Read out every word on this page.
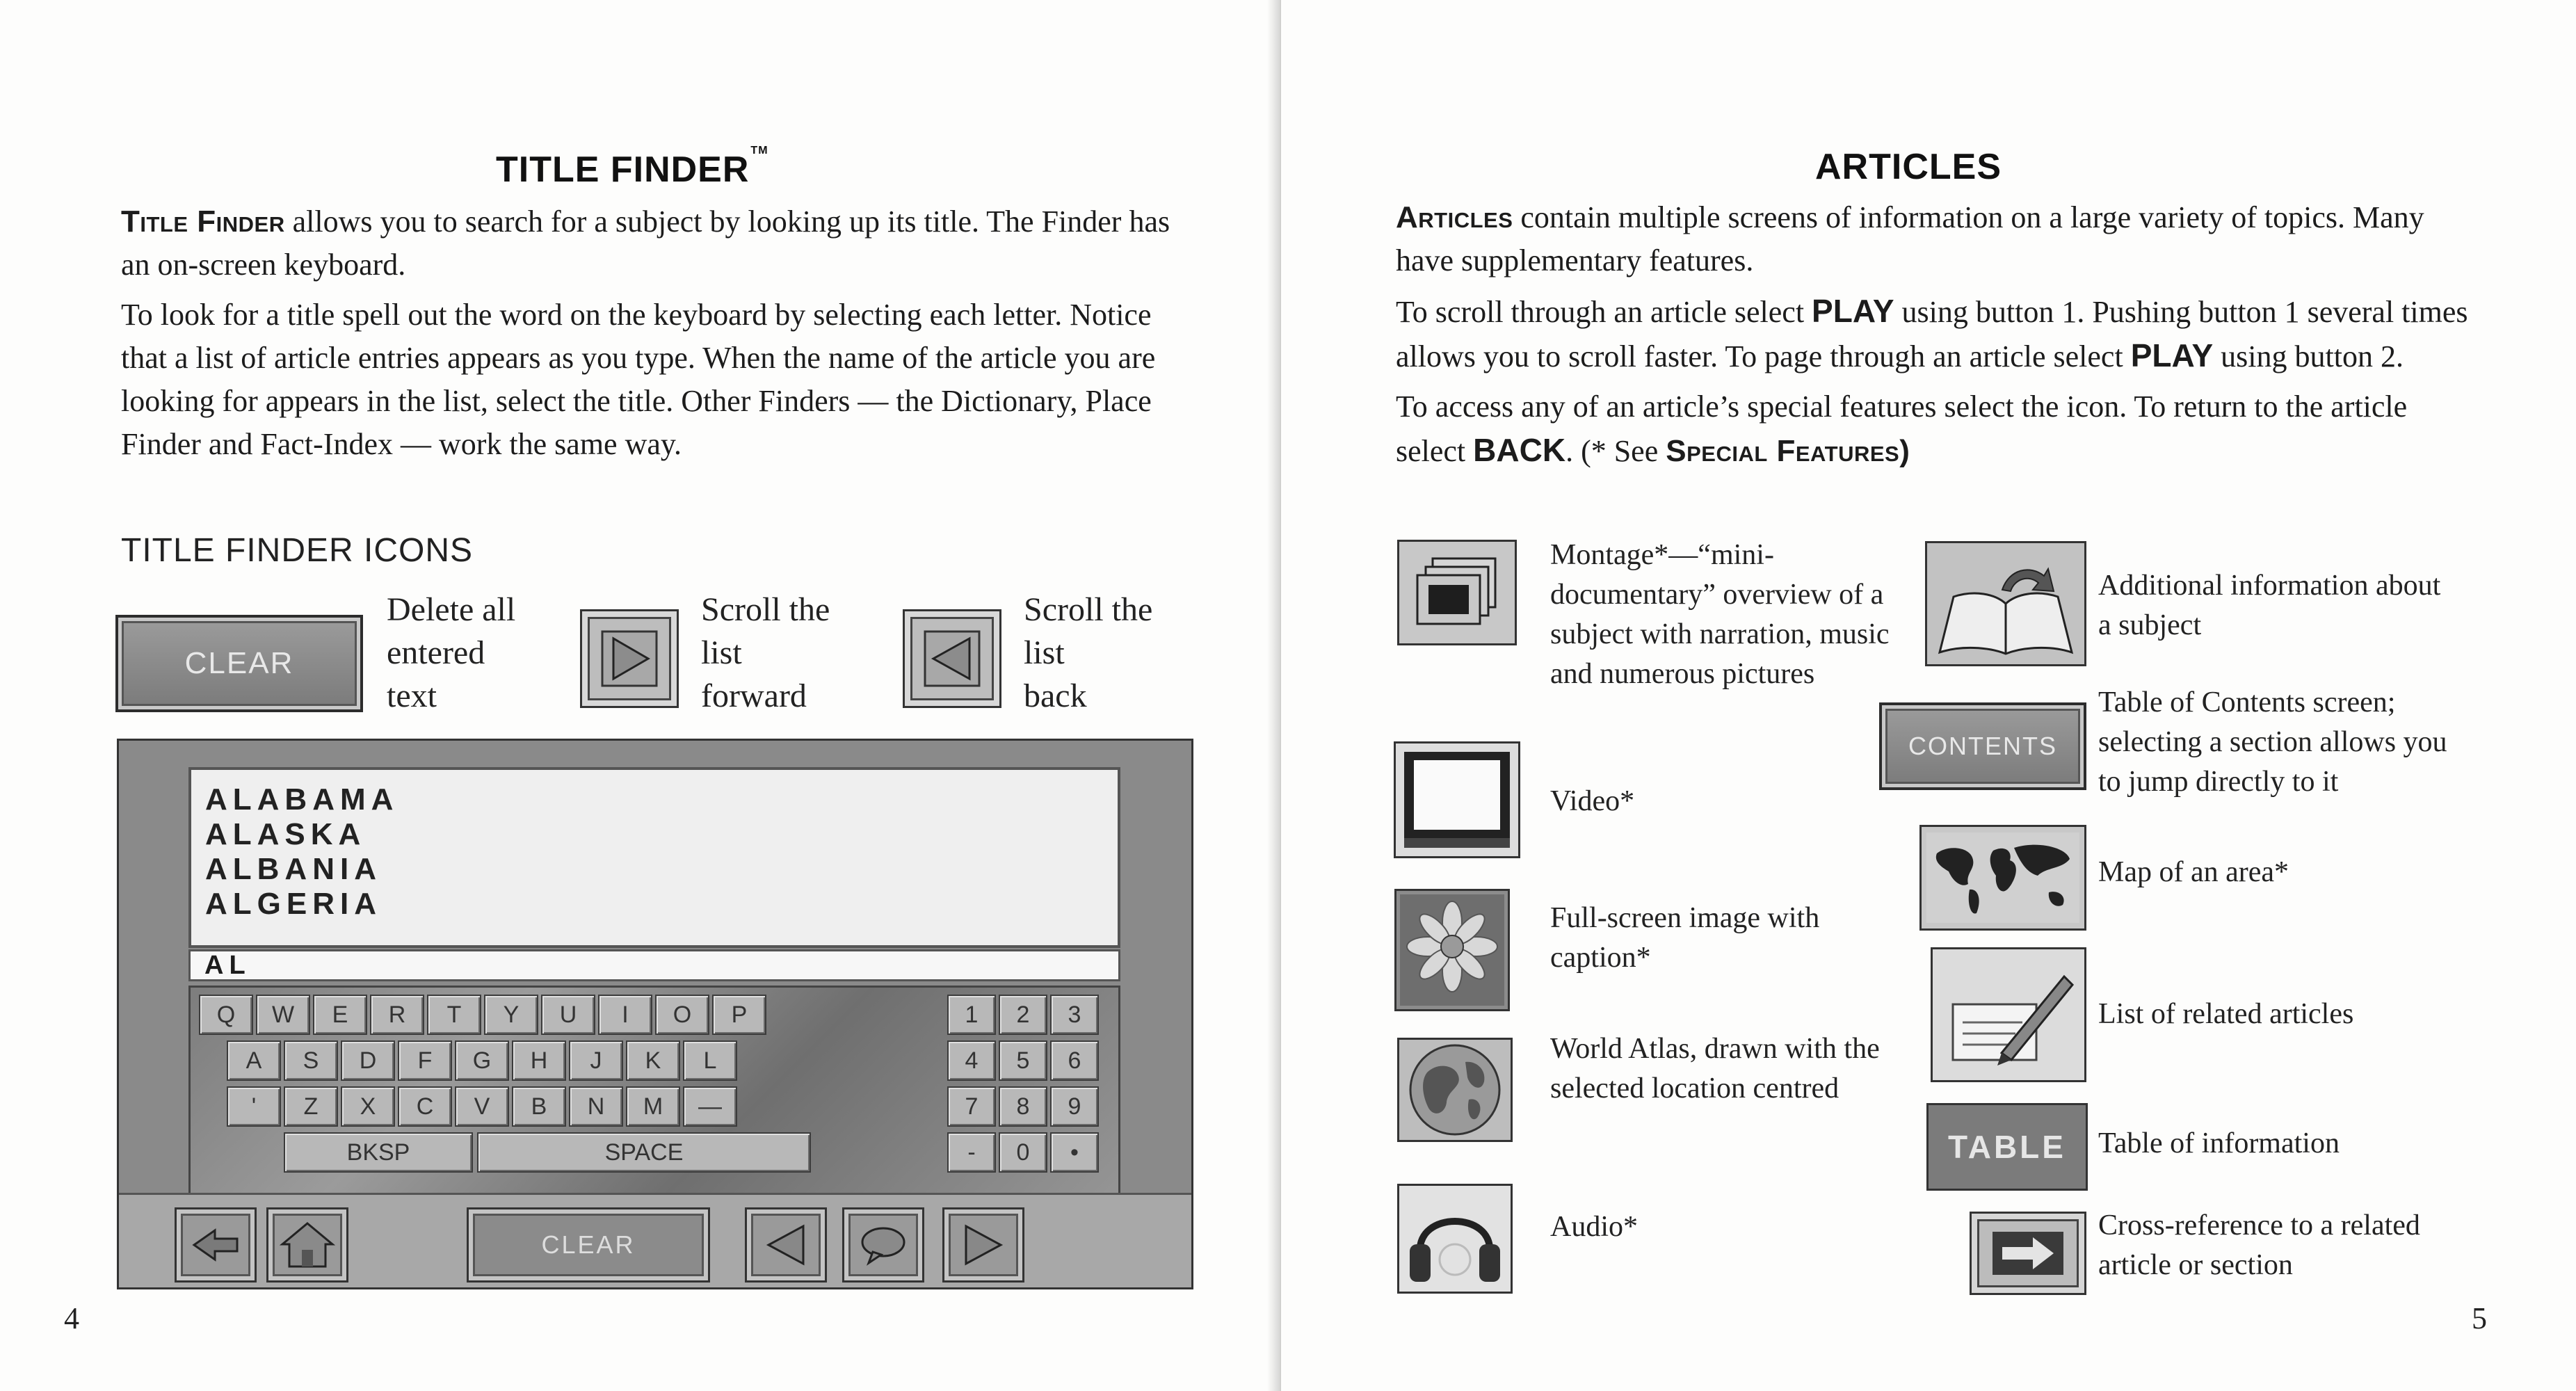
TITLE FINDER ™

Title Finder allows you to search for a subject by looking up its title. The Finder has an on-screen keyboard.

To look for a title spell out the word on the keyboard by selecting each letter. Notice that a list of article entries appears as you type. When the name of the article you are looking for appears in the list, select the title. Other Finders — the Dictionary, Place Finder and Fact-Index — work the same way.

TITLE FINDER ICONS
CLEAR
Delete all
entered
text
Scroll the
list
forward
Scroll the
list
back
ALABAMA
ALASKA
ALBANIA
ALGERIA
AL
Q	W	E	R	T	Y	U	I	O	P
A	S	D	F	G	H	J	K	L
'	Z	X	C	V	B	N	M	—
BKSP	SPACE
1	2	3
4	5	6
7	8	9
-	0	•
CLEAR
4
ARTICLES

Articles contain multiple screens of information on a large variety of topics. Many have supplementary features.

To scroll through an article select PLAY using button 1. Pushing button 1 several times allows you to scroll faster. To page through an article select PLAY using button 2.

To access any of an article’s special features select the icon. To return to the article select BACK. (* See Special Features)

Montage*—“mini-documentary” overview of a subject with narration, music and numerous pictures
Video*
Full-screen image with caption*
World Atlas, drawn with the selected location centred
Audio*
Additional information about a subject
CONTENTS
Table of Contents screen; selecting a section allows you to jump directly to it
Map of an area*
List of related articles
TABLE	Table of information
Cross-reference to a related article or section
5
